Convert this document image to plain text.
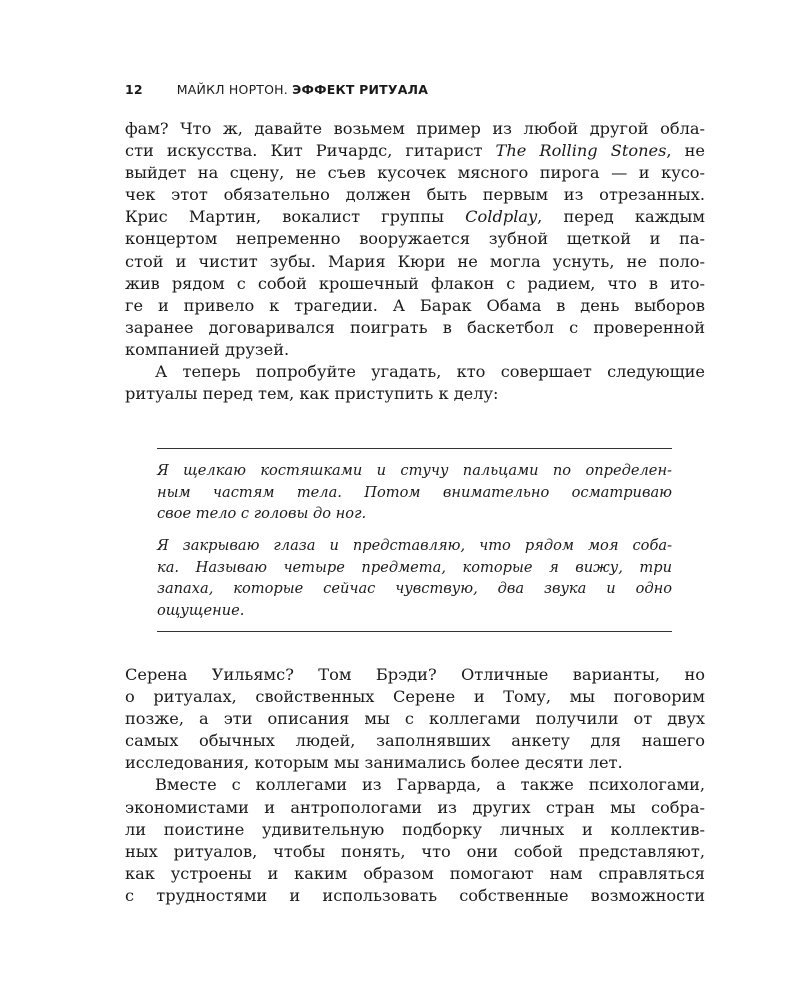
12	МАЙКЛ НОРТОН. ЭФФЕКТ РИТУАЛА
фам? Что ж, давайте возьмем пример из любой другой обла-
сти искусства. Кит Ричардс, гитарист The Rolling Stones, не
выйдет на сцену, не съев кусочек мясного пирога — и кусо-
чек этот обязательно должен быть первым из отрезанных.
Крис Мартин, вокалист группы Coldplay, перед каждым
концертом непременно вооружается зубной щеткой и па-
стой и чистит зубы. Мария Кюри не могла уснуть, не поло-
жив рядом с собой крошечный флакон с радием, что в ито-
ге и привело к трагедии. А Барак Обама в день выборов
заранее договаривался поиграть в баскетбол с проверенной
компанией друзей.
А теперь попробуйте угадать, кто совершает следующие
ритуалы перед тем, как приступить к делу:
Я щелкаю костяшками и стучу пальцами по определен-
ным частям тела. Потом внимательно осматриваю
свое тело с головы до ног.
Я закрываю глаза и представляю, что рядом моя соба-
ка. Называю четыре предмета, которые я вижу, три
запаха, которые сейчас чувствую, два звука и одно
ощущение.
Серена Уильямс? Том Брэди? Отличные варианты, но
о ритуалах, свойственных Серене и Тому, мы поговорим
позже, а эти описания мы с коллегами получили от двух
самых обычных людей, заполнявших анкету для нашего
исследования, которым мы занимались более десяти лет.
Вместе с коллегами из Гарварда, а также психологами,
экономистами и антропологами из других стран мы собра-
ли поистине удивительную подборку личных и коллектив-
ных ритуалов, чтобы понять, что они собой представляют,
как устроены и каким образом помогают нам справляться
с трудностями и использовать собственные возможности
